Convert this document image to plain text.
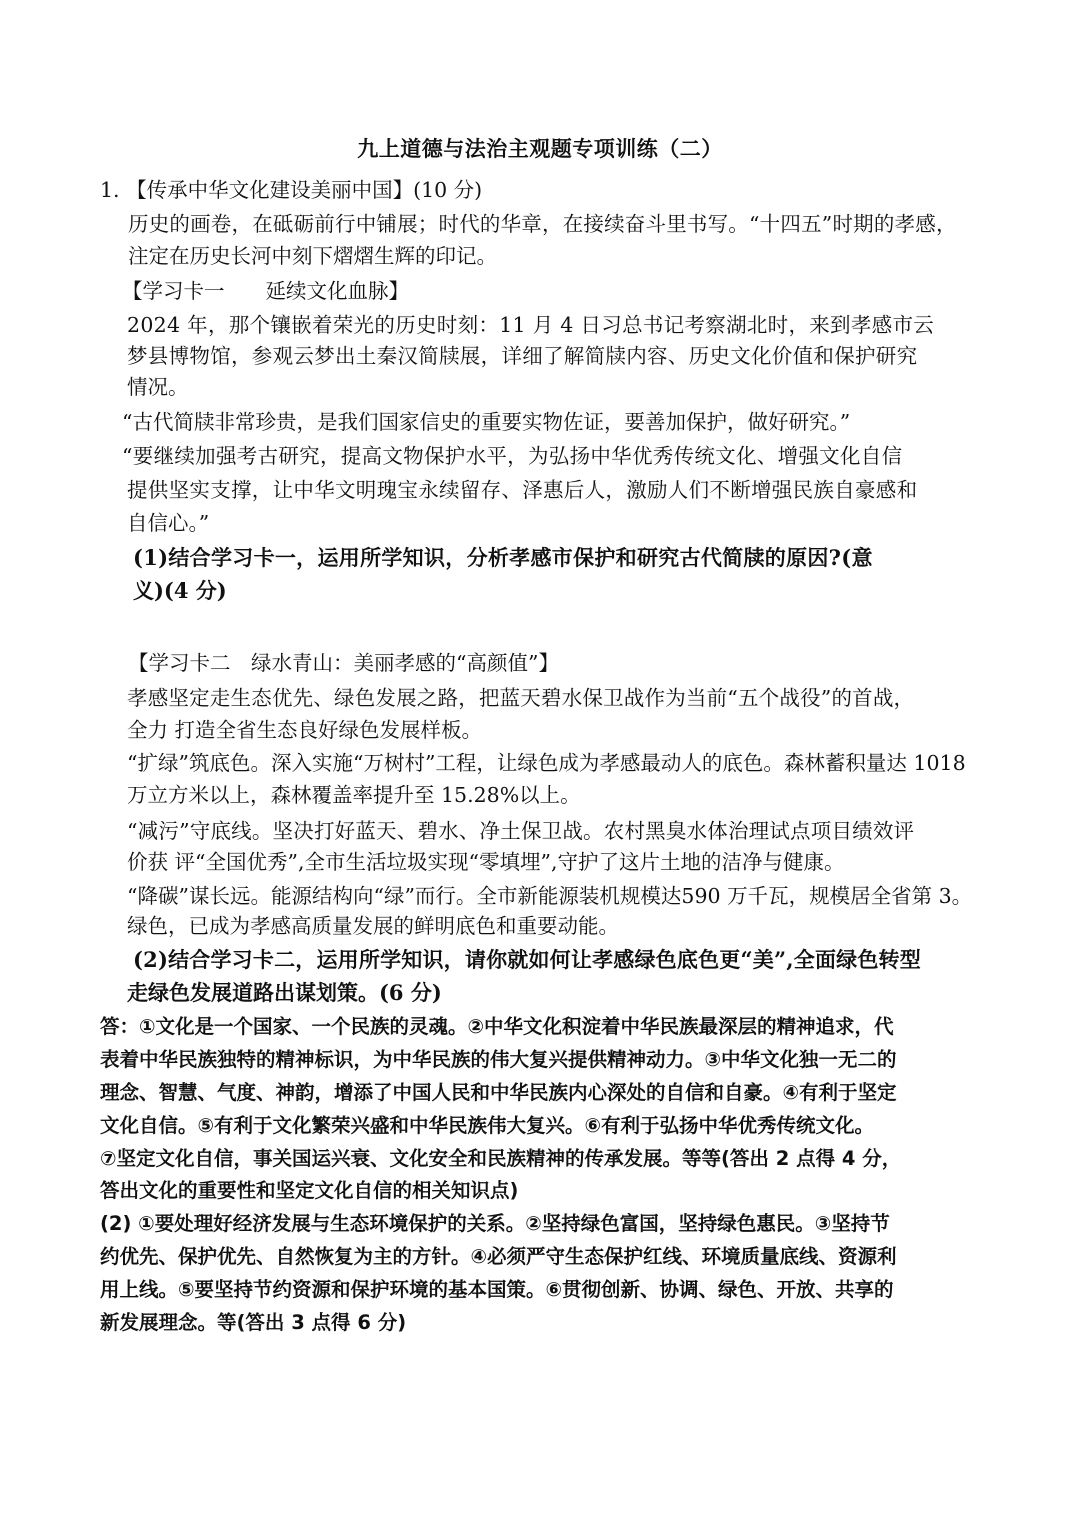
九上道德与法治主观题专项训练（二）
1. 【传承中华文化建设美丽中国】(10 分)
历史的画卷，在砥砺前行中铺展；时代的华章，在接续奋斗里书写。“十四五”时期的孝感，
注定在历史长河中刻下熠熠生辉的印记。
【学习卡一　　延续文化血脉】
2024 年，那个镶嵌着荣光的历史时刻：11 月 4 日习总书记考察湖北时，来到孝感市云
梦县博物馆，参观云梦出土秦汉简牍展，详细了解简牍内容、历史文化价值和保护研究
情况。
“古代简牍非常珍贵，是我们国家信史的重要实物佐证，要善加保护，做好研究。”
“要继续加强考古研究，提高文物保护水平，为弘扬中华优秀传统文化、增强文化自信
提供坚实支撑，让中华文明瑰宝永续留存、泽惠后人，激励人们不断增强民族自豪感和
自信心。”
(1)结合学习卡一，运用所学知识，分析孝感市保护和研究古代简牍的原因?(意
义)(4 分)
【学习卡二　绿水青山：美丽孝感的“高颜值”】
孝感坚定走生态优先、绿色发展之路，把蓝天碧水保卫战作为当前“五个战役”的首战，
全力 打造全省生态良好绿色发展样板。
“扩绿”筑底色。深入实施“万树村”工程，让绿色成为孝感最动人的底色。森林蓄积量达 1018
万立方米以上，森林覆盖率提升至 15.28%以上。
“减污”守底线。坚决打好蓝天、碧水、净土保卫战。农村黑臭水体治理试点项目绩效评
价获 评“全国优秀”,全市生活垃圾实现“零填埋”,守护了这片土地的洁净与健康。
“降碳”谋长远。能源结构向“绿”而行。全市新能源装机规模达590 万千瓦，规模居全省第 3。
绿色，已成为孝感高质量发展的鲜明底色和重要动能。
(2)结合学习卡二，运用所学知识，请你就如何让孝感绿色底色更“美”,全面绿色转型
走绿色发展道路出谋划策。(6 分)
答：①文化是一个国家、一个民族的灵魂。②中华文化积淀着中华民族最深层的精神追求，代
表着中华民族独特的精神标识，为中华民族的伟大复兴提供精神动力。③中华文化独一无二的
理念、智慧、气度、神韵，增添了中国人民和中华民族内心深处的自信和自豪。④有利于坚定
文化自信。⑤有利于文化繁荣兴盛和中华民族伟大复兴。⑥有利于弘扬中华优秀传统文化。
⑦坚定文化自信，事关国运兴衰、文化安全和民族精神的传承发展。等等(答出 2 点得 4 分，
答出文化的重要性和坚定文化自信的相关知识点)
(2) ①要处理好经济发展与生态环境保护的关系。②坚持绿色富国，坚持绿色惠民。③坚持节
约优先、保护优先、自然恢复为主的方针。④必须严守生态保护红线、环境质量底线、资源利
用上线。⑤要坚持节约资源和保护环境的基本国策。⑥贯彻创新、协调、绿色、开放、共享的
新发展理念。等(答出 3 点得 6 分)
